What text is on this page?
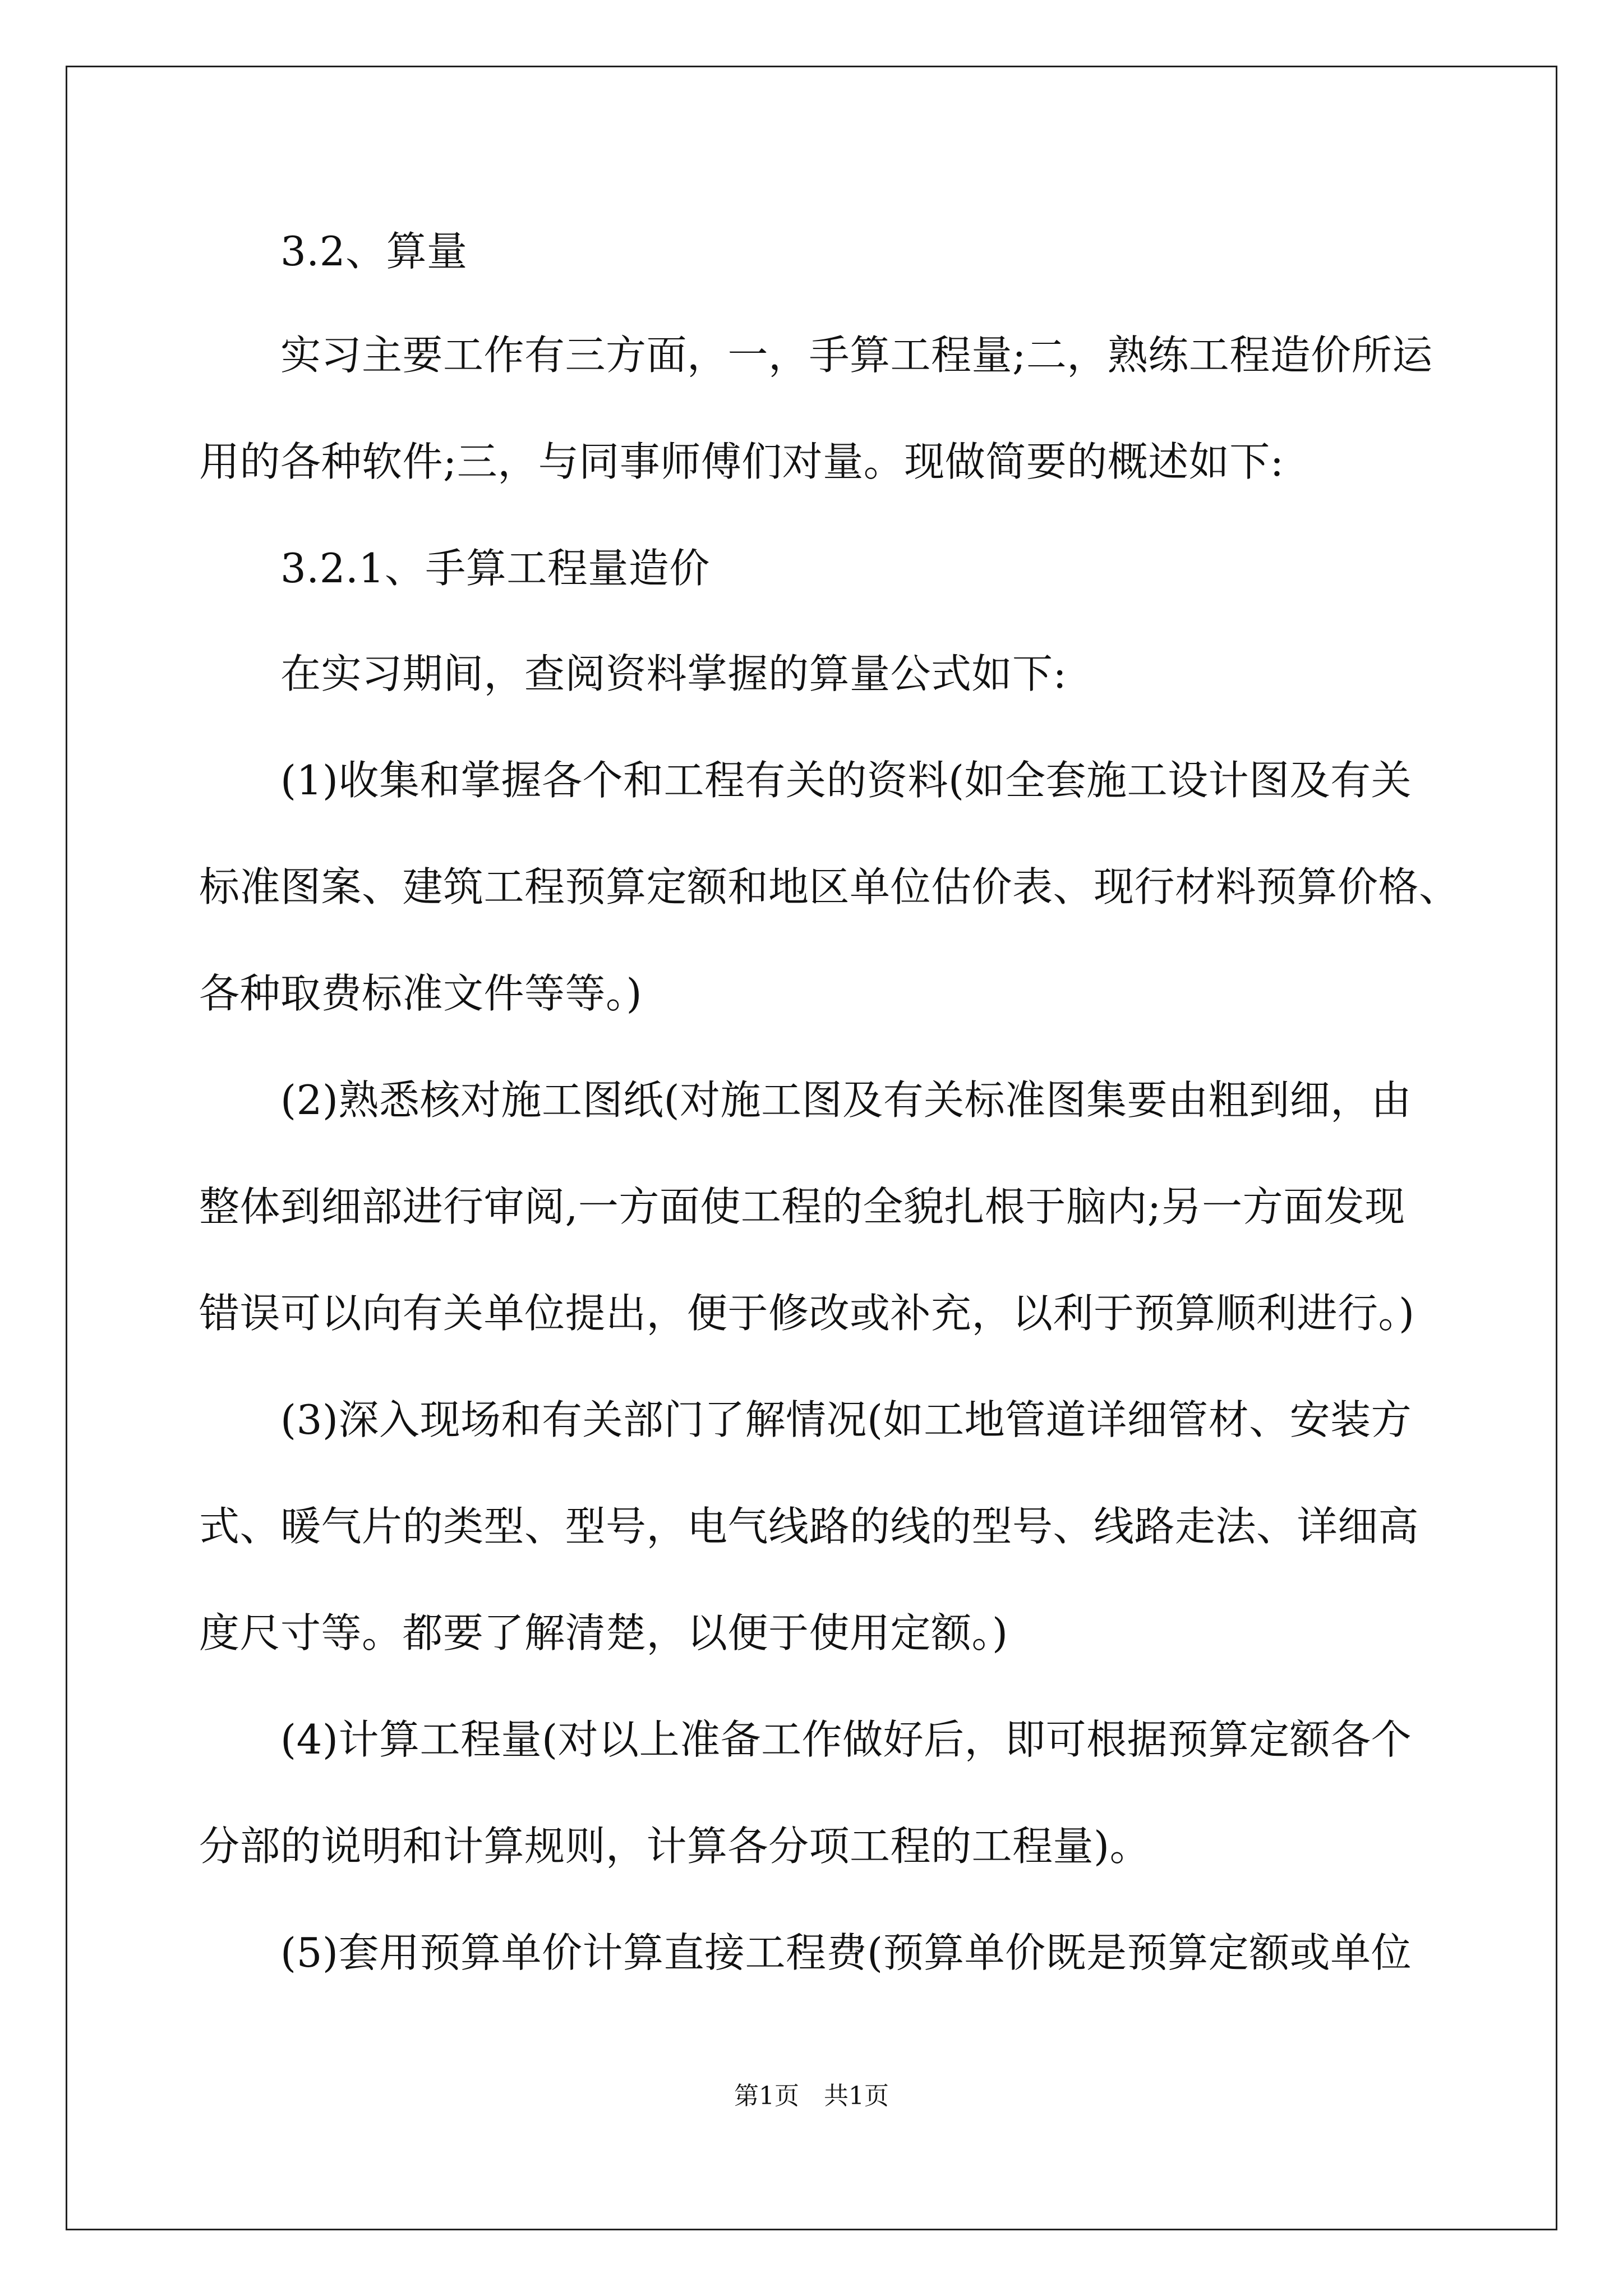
3.2、算量
实习主要工作有三方面，一，手算工程量;二，熟练工程造价所运
用的各种软件;三，与同事师傅们对量。现做简要的概述如下:
3.2.1、手算工程量造价
在实习期间，查阅资料掌握的算量公式如下:
(1)收集和掌握各个和工程有关的资料(如全套施工设计图及有关
标准图案、建筑工程预算定额和地区单位估价表、现行材料预算价格、
各种取费标准文件等等。)
(2)熟悉核对施工图纸(对施工图及有关标准图集要由粗到细，由
整体到细部进行审阅,一方面使工程的全貌扎根于脑内;另一方面发现
错误可以向有关单位提出，便于修改或补充，以利于预算顺利进行。)
(3)深入现场和有关部门了解情况(如工地管道详细管材、安装方
式、暖气片的类型、型号，电气线路的线的型号、线路走法、详细高
度尺寸等。都要了解清楚，以便于使用定额。)
(4)计算工程量(对以上准备工作做好后，即可根据预算定额各个
分部的说明和计算规则，计算各分项工程的工程量)。
(5)套用预算单价计算直接工程费(预算单价既是预算定额或单位
第1页　共1页
